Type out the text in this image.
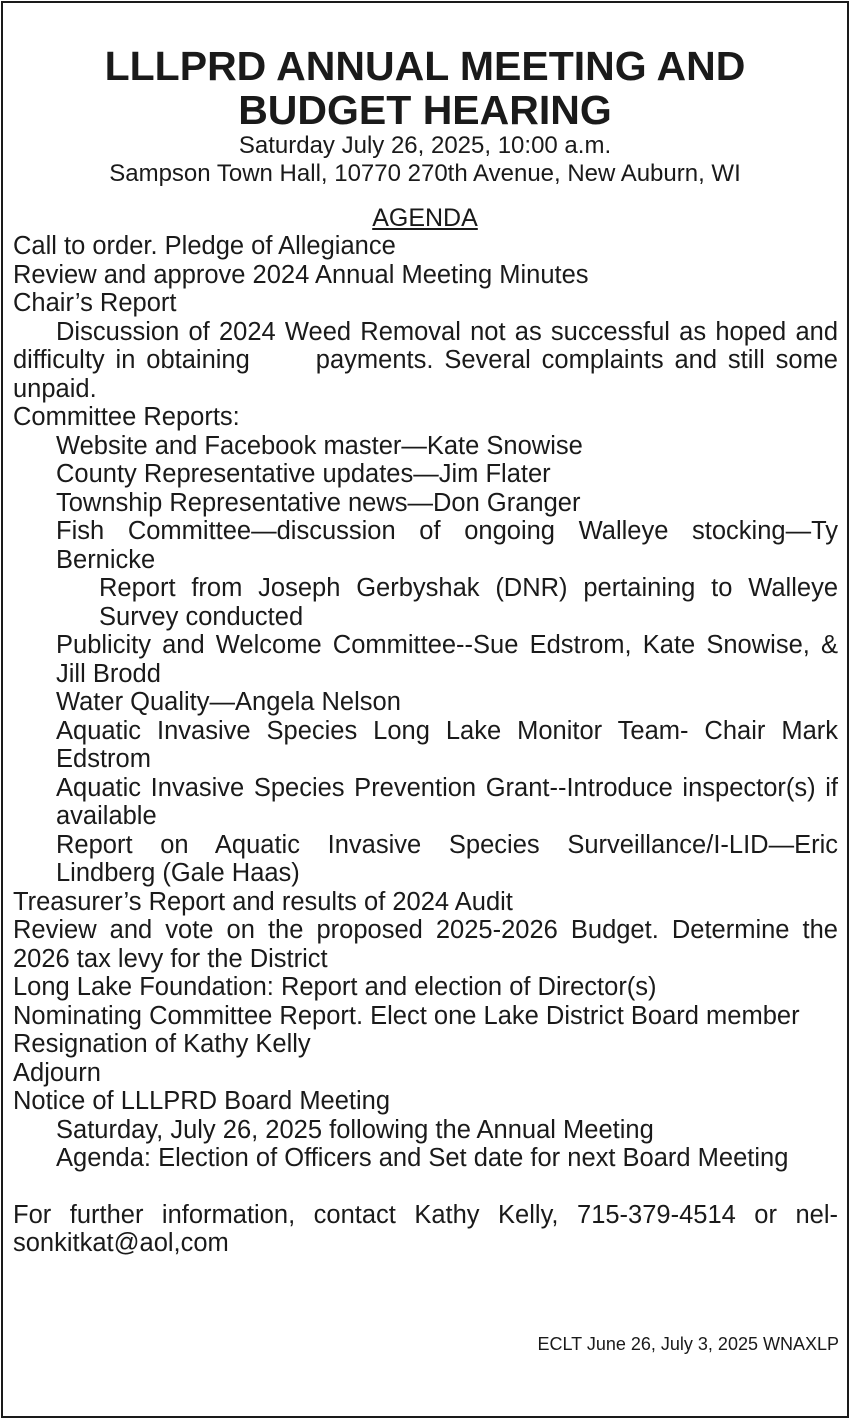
LLLPRD ANNUAL MEETING AND
BUDGET HEARING
Saturday July 26, 2025, 10:00 a.m.
Sampson Town Hall, 10770 270th Avenue, New Auburn, WI
AGENDA

Call to order. Pledge of Allegiance

Review and approve 2024 Annual Meeting Minutes

Chair’s Report

Discussion of 2024 Weed Removal not as successful as hoped and difficulty in obtaining	payments. Several complaints and still some unpaid.

Committee Reports:

Website and Facebook master—Kate Snowise

County Representative updates—Jim Flater

Township Representative news—Don Granger

Fish Committee—discussion of ongoing Walleye stocking—Ty Bernicke

Report from Joseph Gerbyshak (DNR) pertaining to Walleye Survey conducted

Publicity and Welcome Committee--Sue Edstrom, Kate Snowise, & Jill Brodd

Water Quality—Angela Nelson

Aquatic Invasive Species Long Lake Monitor Team- Chair Mark Edstrom

Aquatic Invasive Species Prevention Grant--Introduce inspector(s) if available

Report on Aquatic Invasive Species Surveillance/I-LID—Eric Lindberg (Gale Haas)

Treasurer’s Report and results of 2024 Audit

Review and vote on the proposed 2025-2026 Budget. Determine the 2026 tax levy for the District

Long Lake Foundation: Report and election of Director(s)

Nominating Committee Report. Elect one Lake District Board member

Resignation of Kathy Kelly

Adjourn

Notice of LLLPRD Board Meeting

Saturday, July 26, 2025 following the Annual Meeting

Agenda: Election of Officers and Set date for next Board Meeting

For further information, contact Kathy Kelly, 715-379-4514 or nelsonkitkat@aol,com

ECLT June 26, July 3, 2025 WNAXLP
